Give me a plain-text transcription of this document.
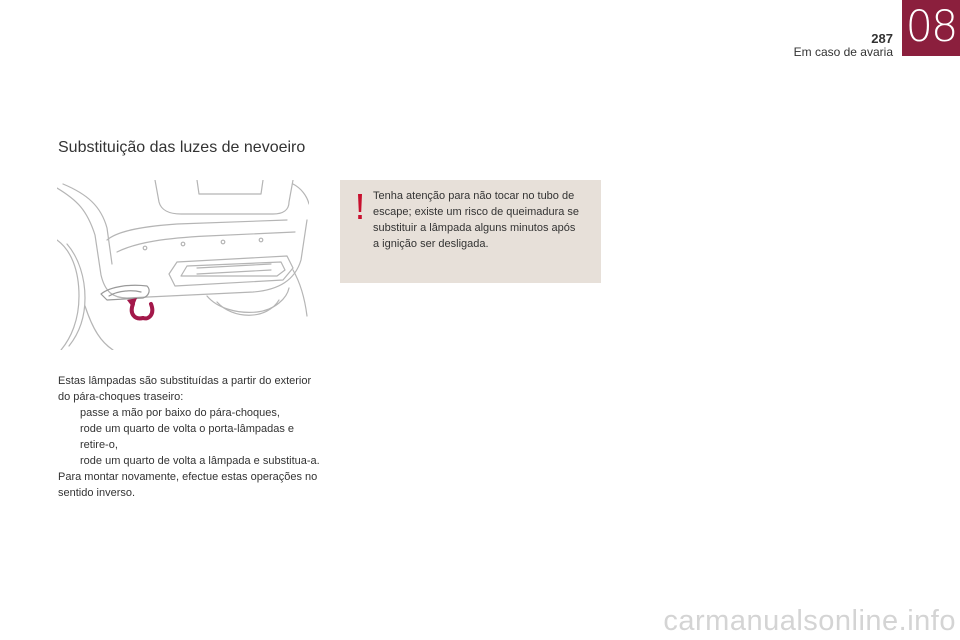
08
287
Em caso de avaria
Substituição das luzes de nevoeiro
Tenha atenção para não tocar no tubo de escape; existe um risco de queimadura se substituir a lâmpada alguns minutos após a ignição ser desligada.

Estas lâmpadas são substituídas a partir do exterior do pára-choques traseiro:

passe a mão por baixo do pára-choques,

rode um quarto de volta o porta-lâmpadas e retire-o,

rode um quarto de volta a lâmpada e substitua-a.

Para montar novamente, efectue estas operações no sentido inverso.

carmanualsonline.info
